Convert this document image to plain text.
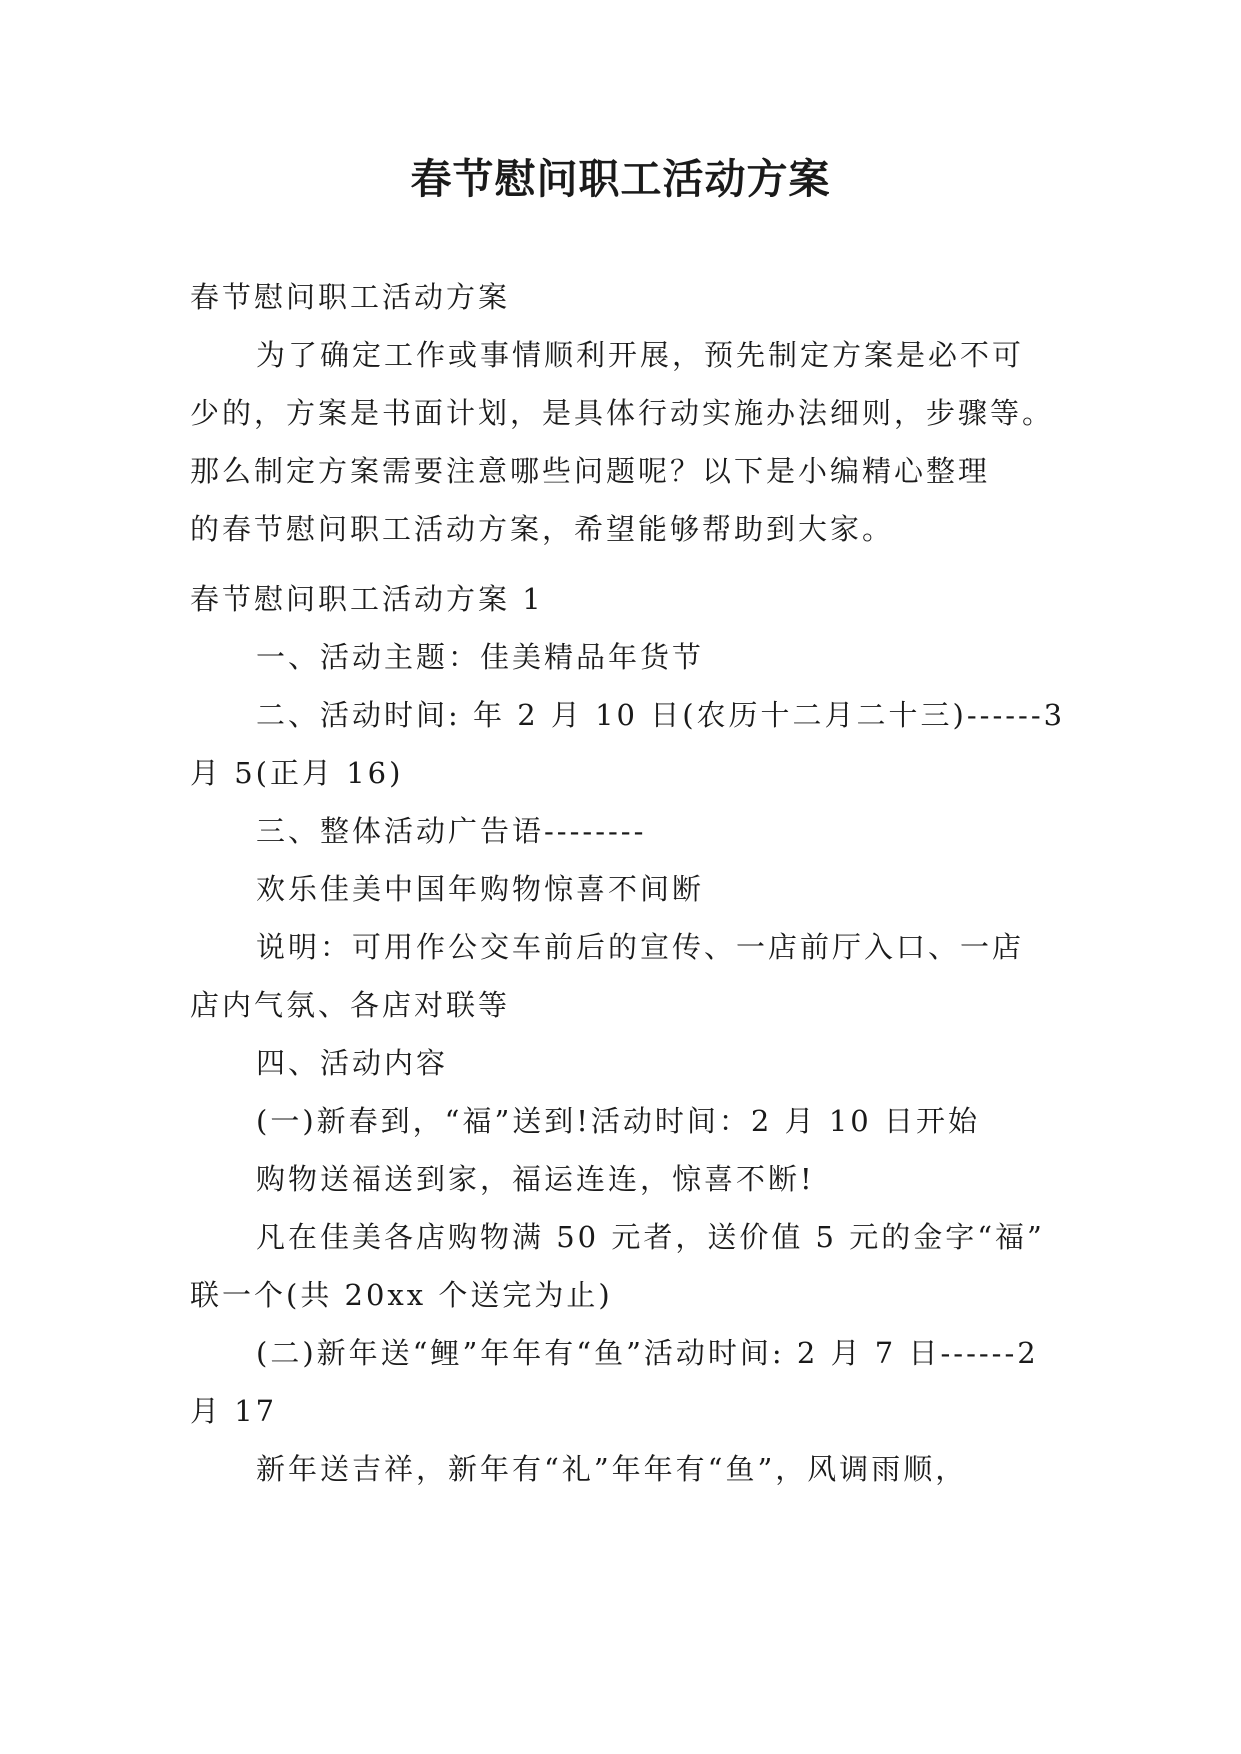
春节慰问职工活动方案
春节慰问职工活动方案
为了确定工作或事情顺利开展，预先制定方案是必不可
少的，方案是书面计划，是具体行动实施办法细则，步骤等。
那么制定方案需要注意哪些问题呢？以下是小编精心整理
的春节慰问职工活动方案，希望能够帮助到大家。
春节慰问职工活动方案 1
一、活动主题：佳美精品年货节
二、活动时间: 年 2 月 10 日(农历十二月二十三)------3
月 5(正月 16)
三、整体活动广告语--------
欢乐佳美中国年购物惊喜不间断
说明：可用作公交车前后的宣传、一店前厅入口、一店
店内气氛、各店对联等
四、活动内容
(一)新春到，“福”送到!活动时间：2 月 10 日开始
购物送福送到家，福运连连，惊喜不断!
凡在佳美各店购物满 50 元者，送价值 5 元的金字“福”
联一个(共 20xx 个送完为止)
(二)新年送“鲤”年年有“鱼”活动时间: 2 月 7 日------2
月 17
新年送吉祥，新年有“礼”年年有“鱼”，风调雨顺，
